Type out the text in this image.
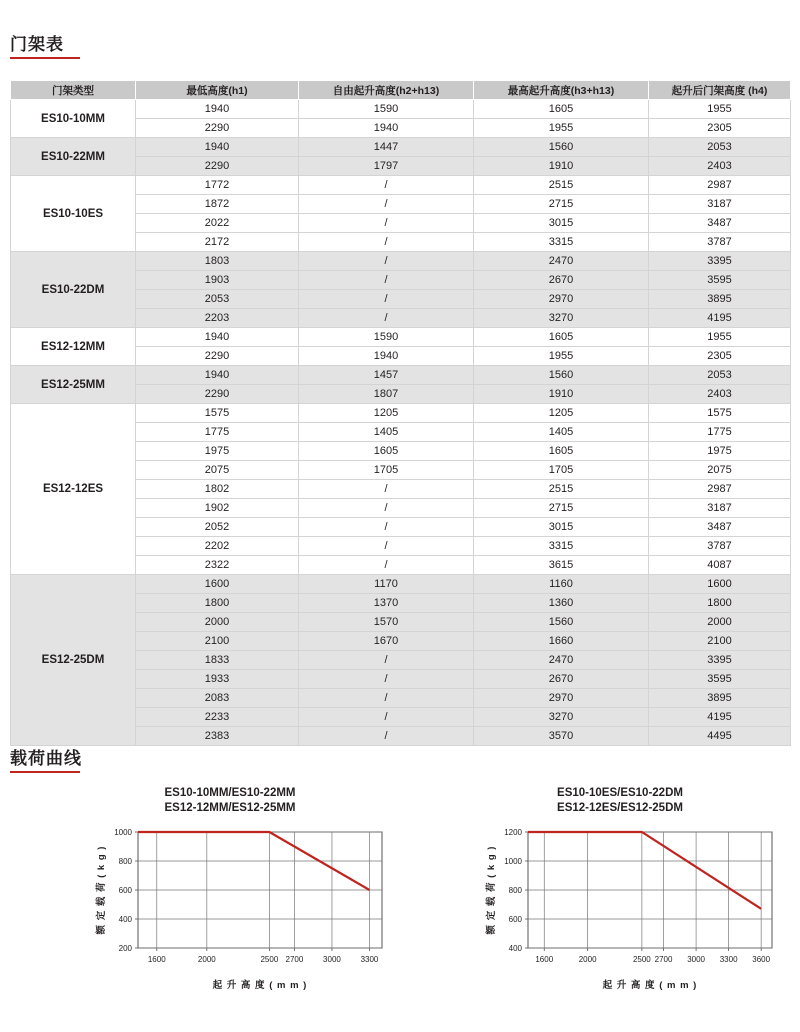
门架表
门架类型	最低高度(h1)	自由起升高度(h2+h13)	最高起升高度(h3+h13)	起升后门架高度 (h4)
ES10-10MM	1940	1590	1605	1955
	2290	1940	1955	2305
ES10-22MM	1940	1447	1560	2053
	2290	1797	1910	2403
ES10-10ES	1772	/	2515	2987
	1872	/	2715	3187
	2022	/	3015	3487
	2172	/	3315	3787
ES10-22DM	1803	/	2470	3395
	1903	/	2670	3595
	2053	/	2970	3895
	2203	/	3270	4195
ES12-12MM	1940	1590	1605	1955
	2290	1940	1955	2305
ES12-25MM	1940	1457	1560	2053
	2290	1807	1910	2403
ES12-12ES	1575	1205	1205	1575
	1775	1405	1405	1775
	1975	1605	1605	1975
	2075	1705	1705	2075
	1802	/	2515	2987
	1902	/	2715	3187
	2052	/	3015	3487
	2202	/	3315	3787
	2322	/	3615	4087
ES12-25DM	1600	1170	1160	1600
	1800	1370	1360	1800
	2000	1570	1560	2000
	2100	1670	1660	2100
	1833	/	2470	3395
	1933	/	2670	3595
	2083	/	2970	3895
	2233	/	3270	4195
	2383	/	3570	4495
载荷曲线
ES10-10MM/ES10-22MM
ES12-12MM/ES12-25MM
1600	2000	2500 2700 3000 3300
200
400
600
800
1000
额 定 载 荷 ( k g )
起 升 高 度 ( m m )
ES10-10ES/ES10-22DM
ES12-12ES/ES12-25DM
1600	2000	2500 2700 3000 3300 3600
400
600
800
1000
1200
额 定 载 荷 ( k g )
起 升 高 度 ( m m )
